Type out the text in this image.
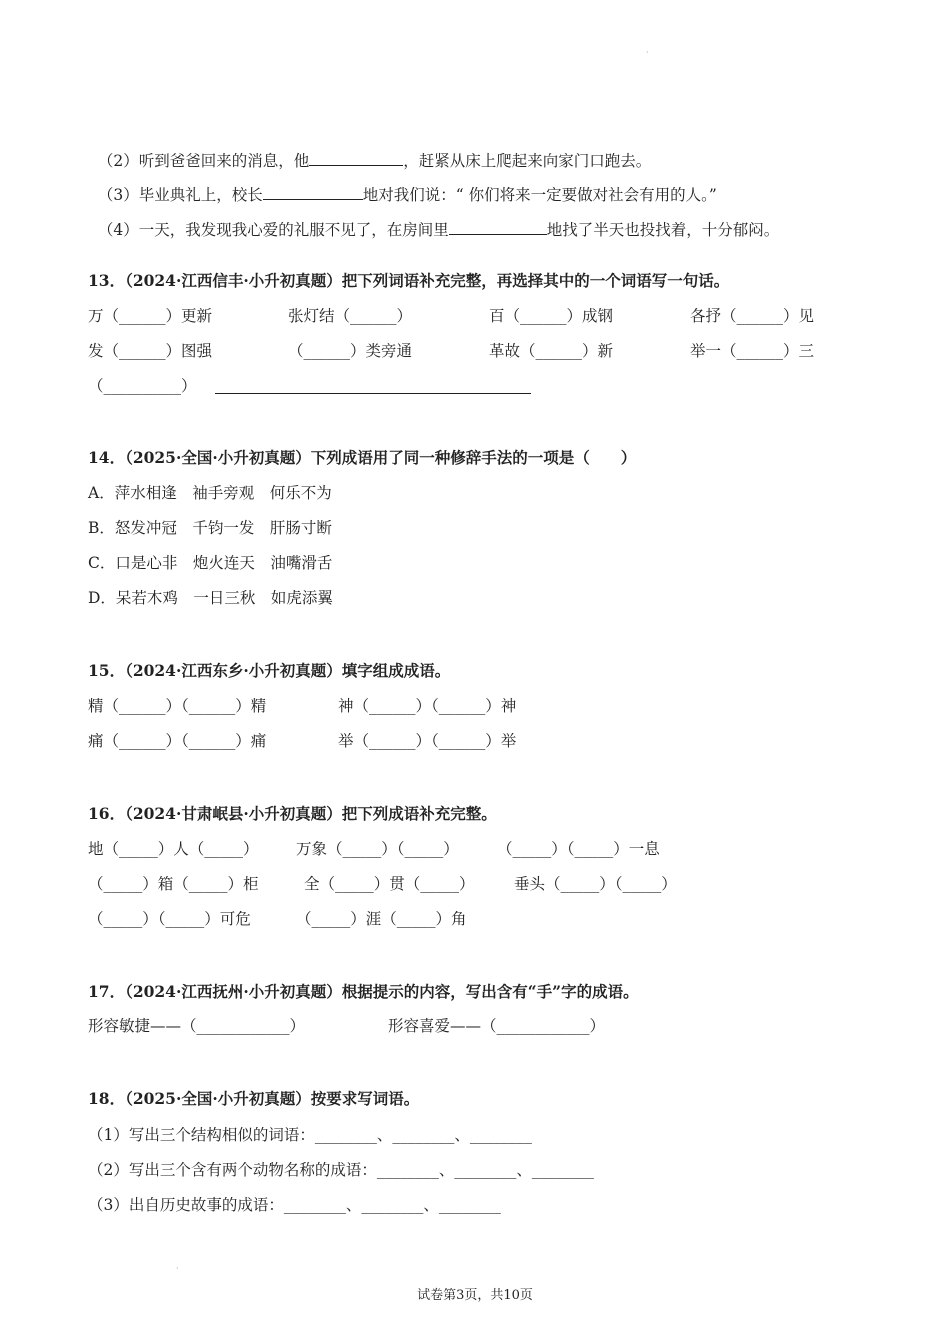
（2）听到爸爸回来的消息，他	，赶紧从床上爬起来向家门口跑去。

（3）毕业典礼上，校长	地对我们说：“ 你们将来一定要做对社会有用的人。”

（4）一天，我发现我心爱的礼服不见了，在房间里	地找了半天也投找着，十分郁闷。

13．（2024·江西信丰·小升初真题）把下列词语补充完整，再选择其中的一个词语写一句话。
万（______）更新	张灯结（______）	百（______）成钢	各抒（______）见
发（______）图强	（______）类旁通	革故（______）新	举一（______）三
（__________）
14．（2025·全国·小升初真题）下列成语用了同一种修辞手法的一项是（　　）
A．萍水相逢　袖手旁观　何乐不为
B．怒发冲冠　千钧一发　肝肠寸断
C．口是心非　炮火连天　油嘴滑舌
D．呆若木鸡　一日三秋　如虎添翼
15．（2024·江西东乡·小升初真题）填字组成成语。
精（______）（______）精	神（______）（______）神
痛（______）（______）痛	举（______）（______）举
16．（2024·甘肃岷县·小升初真题）把下列成语补充完整。
地（_____）人（_____） 万象（_____）（_____） （_____）（_____）一息
（_____）箱（_____）柜	全（_____）贯（_____）	垂头（_____）（_____）
（_____）（_____）可危	（_____）涯（_____）角
17．（2024·江西抚州·小升初真题）根据提示的内容，写出含有“手”字的成语。
形容敏捷——（____________）	形容喜爱——（____________）
18．（2025·全国·小升初真题）按要求写词语。
（1）写出三个结构相似的词语：________、________、________
（2）写出三个含有两个动物名称的成语：________、________、________
（3）出自历史故事的成语：________、________、________
·
·
试卷第3页，共10页
